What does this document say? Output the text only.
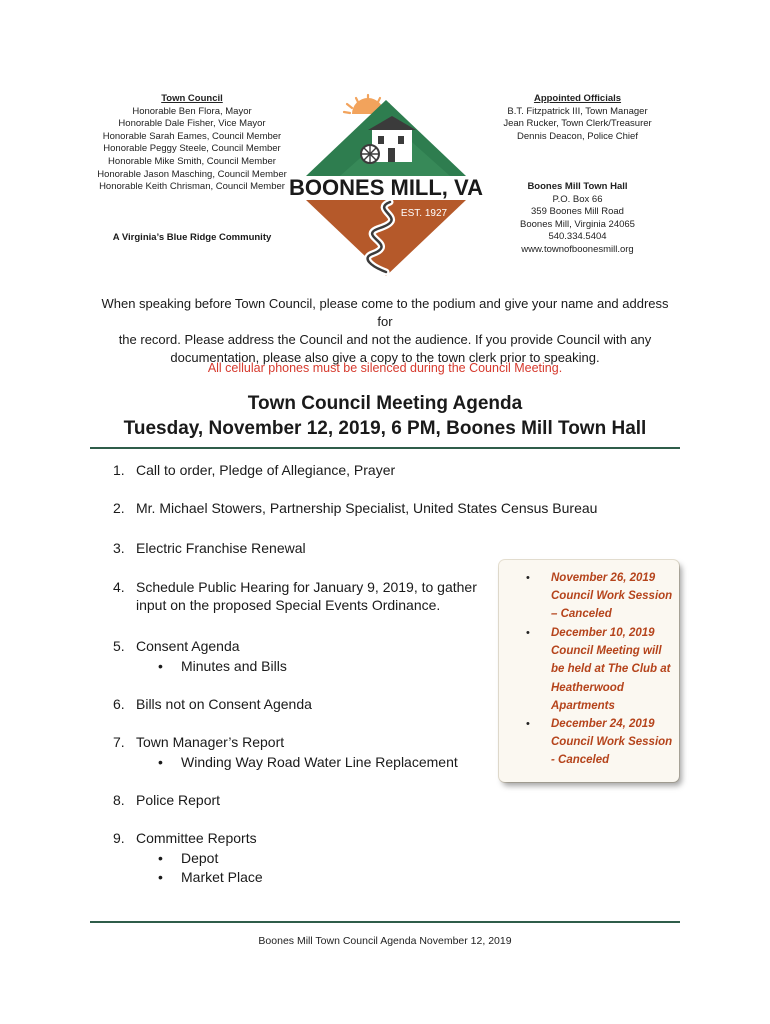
Town Council
Honorable Ben Flora, Mayor
Honorable Dale Fisher, Vice Mayor
Honorable Sarah Eames, Council Member
Honorable Peggy Steele, Council Member
Honorable Mike Smith, Council Member
Honorable Jason Masching, Council Member
Honorable Keith Chrisman, Council Member
A Virginia’s Blue Ridge Community
BOONES MILL, VA
EST. 1927
Appointed Officials
B.T. Fitzpatrick III, Town Manager
Jean Rucker, Town Clerk/Treasurer
Dennis Deacon, Police Chief
Boones Mill Town Hall
P.O. Box 66
359 Boones Mill Road
Boones Mill, Virginia 24065
540.334.5404
www.townofboonesmill.org
When speaking before Town Council, please come to the podium and give your name and address for
the record. Please address the Council and not the audience. If you provide Council with any
documentation, please also give a copy to the town clerk prior to speaking.
All cellular phones must be silenced during the Council Meeting.
Town Council Meeting Agenda
Tuesday, November 12, 2019, 6 PM, Boones Mill Town Hall
1. Call to order, Pledge of Allegiance, Prayer
2. Mr. Michael Stowers, Partnership Specialist, United States Census Bureau
3. Electric Franchise Renewal
4. Schedule Public Hearing for January 9, 2019, to gather
input on the proposed Special Events Ordinance.
5. Consent Agenda
• Minutes and Bills
6. Bills not on Consent Agenda
7. Town Manager’s Report
• Winding Way Road Water Line Replacement
8. Police Report
9. Committee Reports
• Depot
• Market Place
• November 26, 2019
Council Work Session
– Canceled
• December 10, 2019
Council Meeting will
be held at The Club at
Heatherwood
Apartments
• December 24, 2019
Council Work Session
- Canceled
Boones Mill Town Council Agenda November 12, 2019
